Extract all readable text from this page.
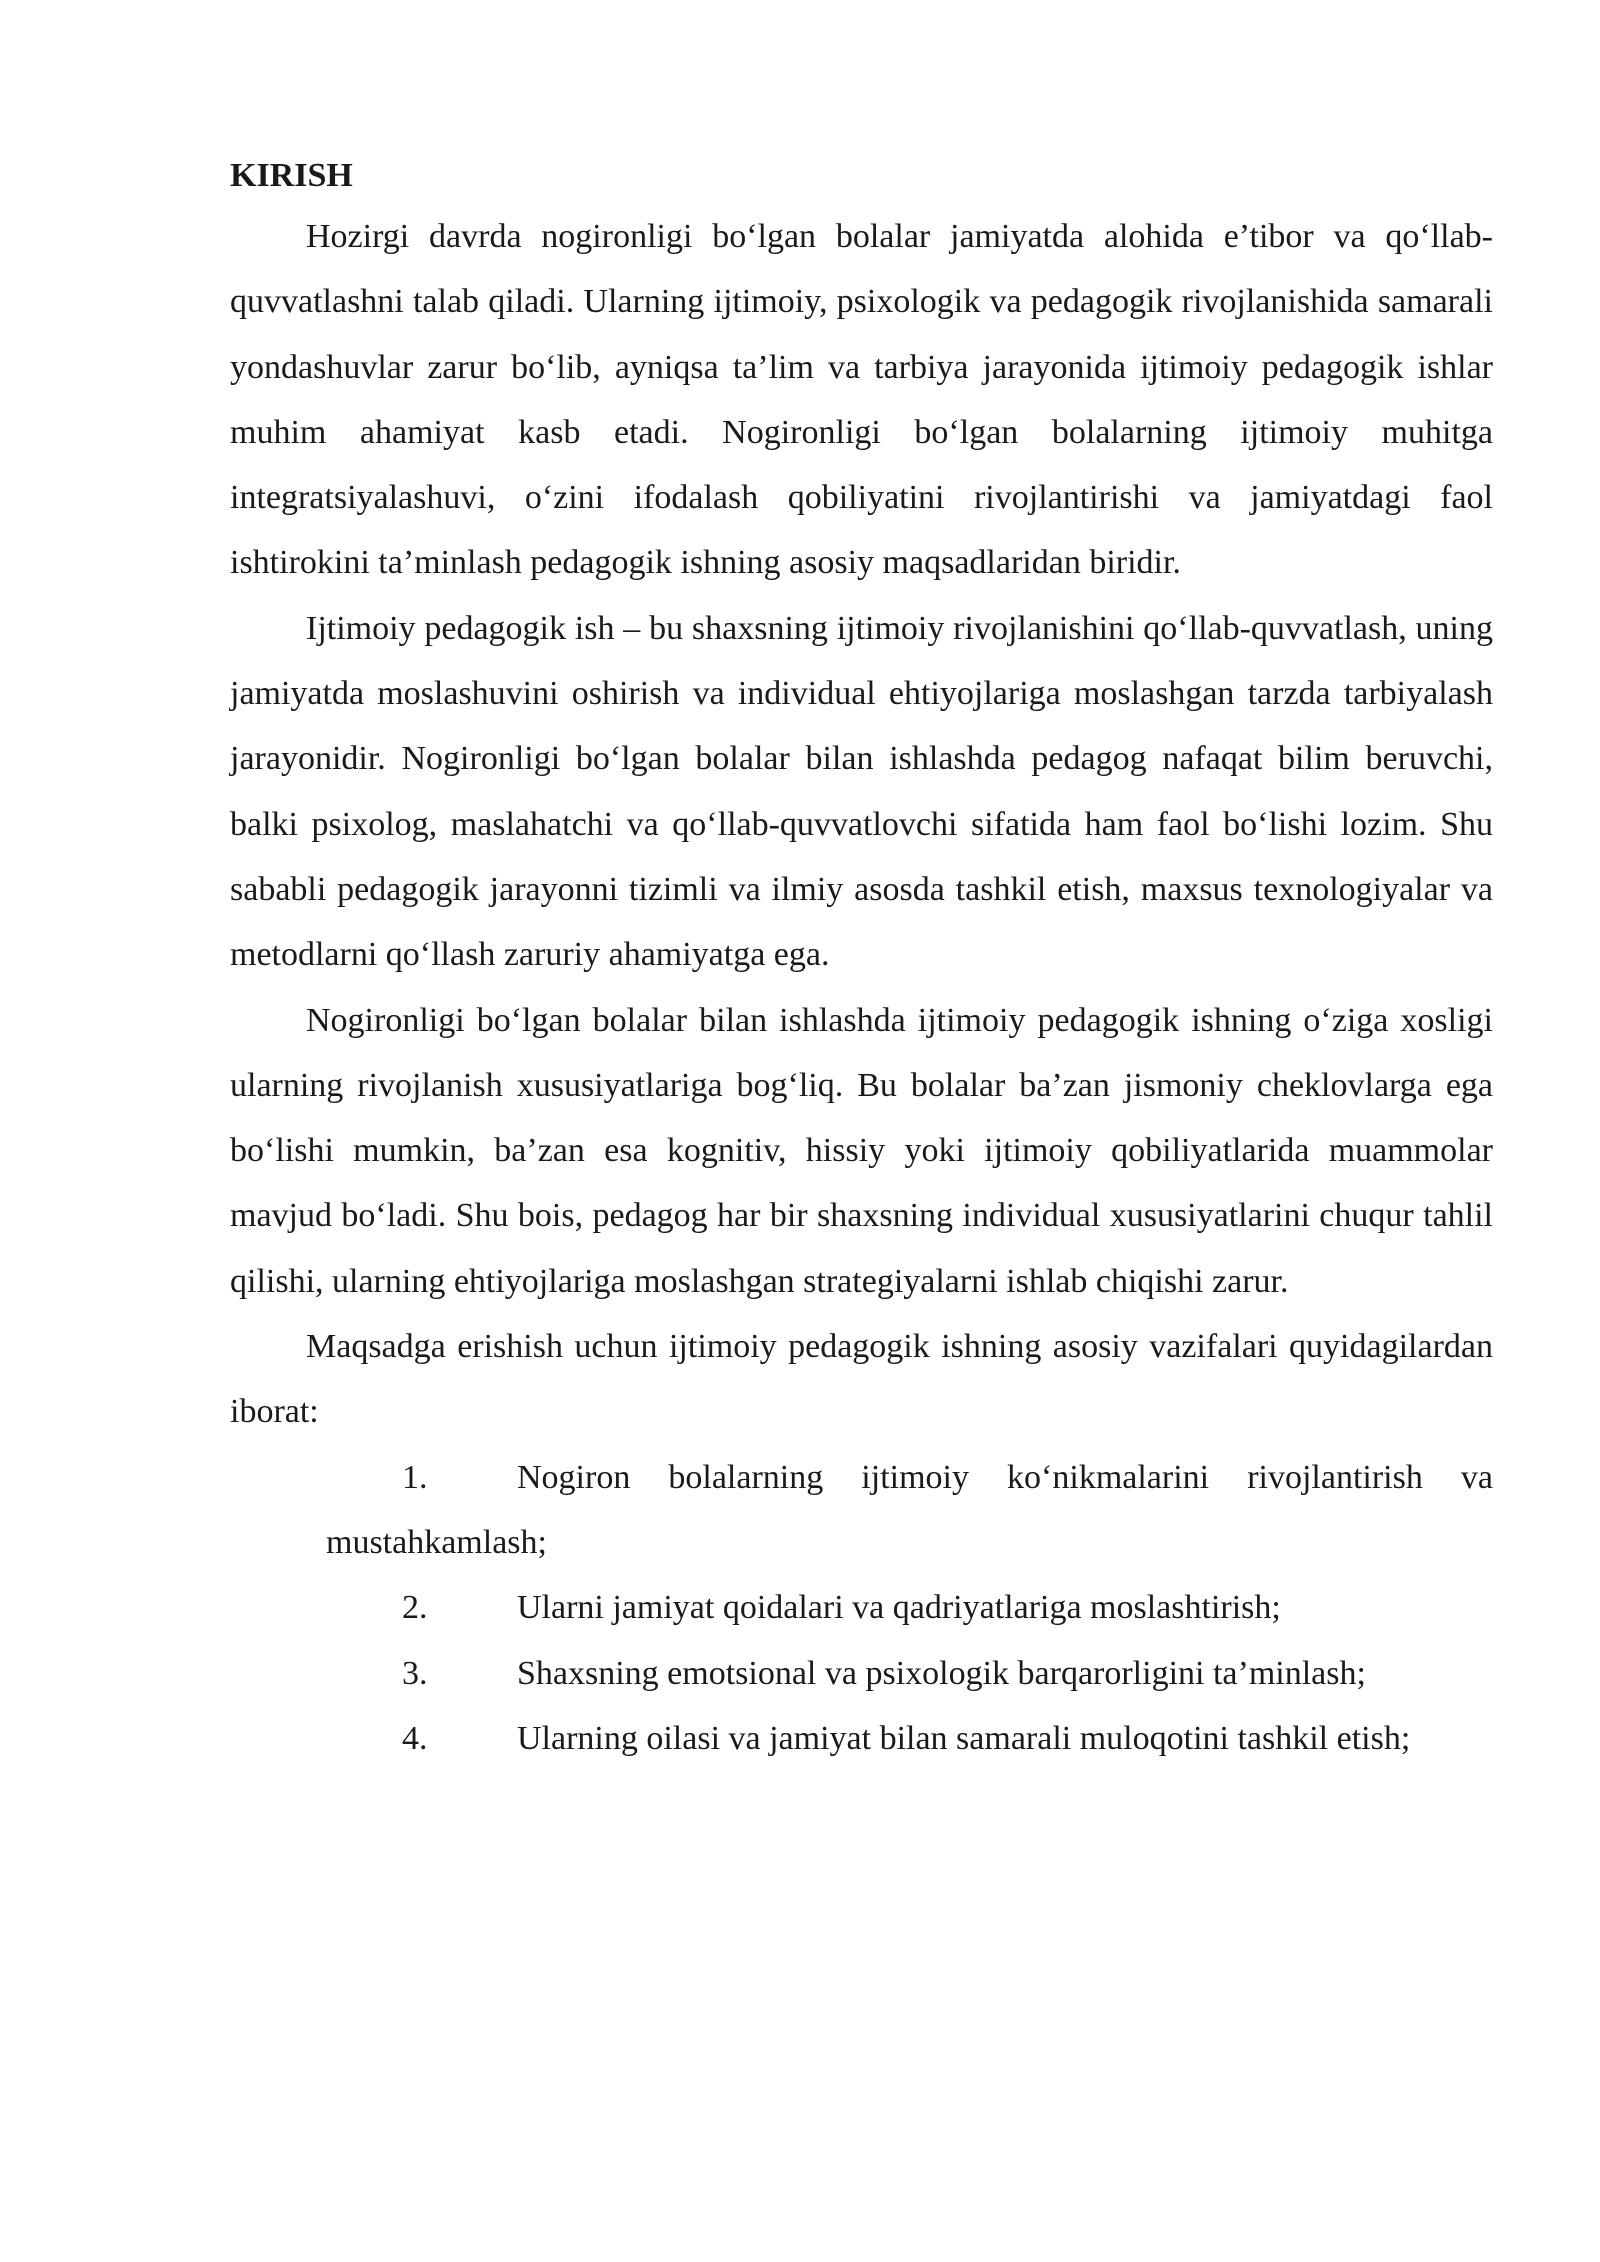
KIRISH

Hozirgi davrda nogironligi bo‘lgan bolalar jamiyatda alohida e’tibor va qo‘llab-quvvatlashni talab qiladi. Ularning ijtimoiy, psixologik va pedagogik rivojlanishida samarali yondashuvlar zarur bo‘lib, ayniqsa ta’lim va tarbiya jarayonida ijtimoiy pedagogik ishlar muhim ahamiyat kasb etadi. Nogironligi bo‘lgan bolalarning ijtimoiy muhitga integratsiyalashuvi, o‘zini ifodalash qobiliyatini rivojlantirishi va jamiyatdagi faol ishtirokini ta’minlash pedagogik ishning asosiy maqsadlaridan biridir.

Ijtimoiy pedagogik ish – bu shaxsning ijtimoiy rivojlanishini qo‘llab-quvvatlash, uning jamiyatda moslashuvini oshirish va individual ehtiyojlariga moslashgan tarzda tarbiyalash jarayonidir. Nogironligi bo‘lgan bolalar bilan ishlashda pedagog nafaqat bilim beruvchi, balki psixolog, maslahatchi va qo‘llab-quvvatlovchi sifatida ham faol bo‘lishi lozim. Shu sababli pedagogik jarayonni tizimli va ilmiy asosda tashkil etish, maxsus texnologiyalar va metodlarni qo‘llash zaruriy ahamiyatga ega.

Nogironligi bo‘lgan bolalar bilan ishlashda ijtimoiy pedagogik ishning o‘ziga xosligi ularning rivojlanish xususiyatlariga bog‘liq. Bu bolalar ba’zan jismoniy cheklovlarga ega bo‘lishi mumkin, ba’zan esa kognitiv, hissiy yoki ijtimoiy qobiliyatlarida muammolar mavjud bo‘ladi. Shu bois, pedagog har bir shaxsning individual xususiyatlarini chuqur tahlil qilishi, ularning ehtiyojlariga moslashgan strategiyalarni ishlab chiqishi zarur.

Maqsadga erishish uchun ijtimoiy pedagogik ishning asosiy vazifalari quyidagilardan iborat:

1.	Nogiron bolalarning ijtimoiy ko‘nikmalarini rivojlantirish va mustahkamlash;

2.	Ularni jamiyat qoidalari va qadriyatlariga moslashtirish;

3.	Shaxsning emotsional va psixologik barqarorligini ta’minlash;

4.	Ularning oilasi va jamiyat bilan samarali muloqotini tashkil etish;
